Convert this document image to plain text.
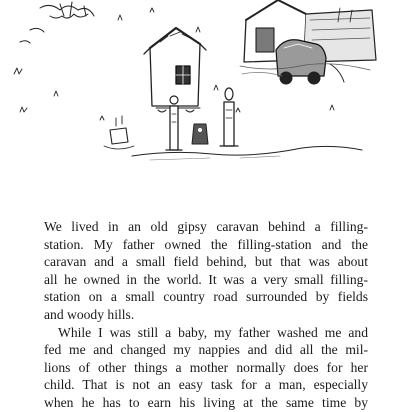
We lived in an old gipsy caravan behind a filling-
station. My father owned the filling-station and the
caravan and a small field behind, but that was about
all he owned in the world. It was a very small filling-
station on a small country road surrounded by fields
and woody hills.

While I was still a baby, my father washed me and
fed me and changed my nappies and did all the mil-
lions of other things a mother normally does for her
child. That is not an easy task for a man, especially
when he has to earn his living at the same time by
